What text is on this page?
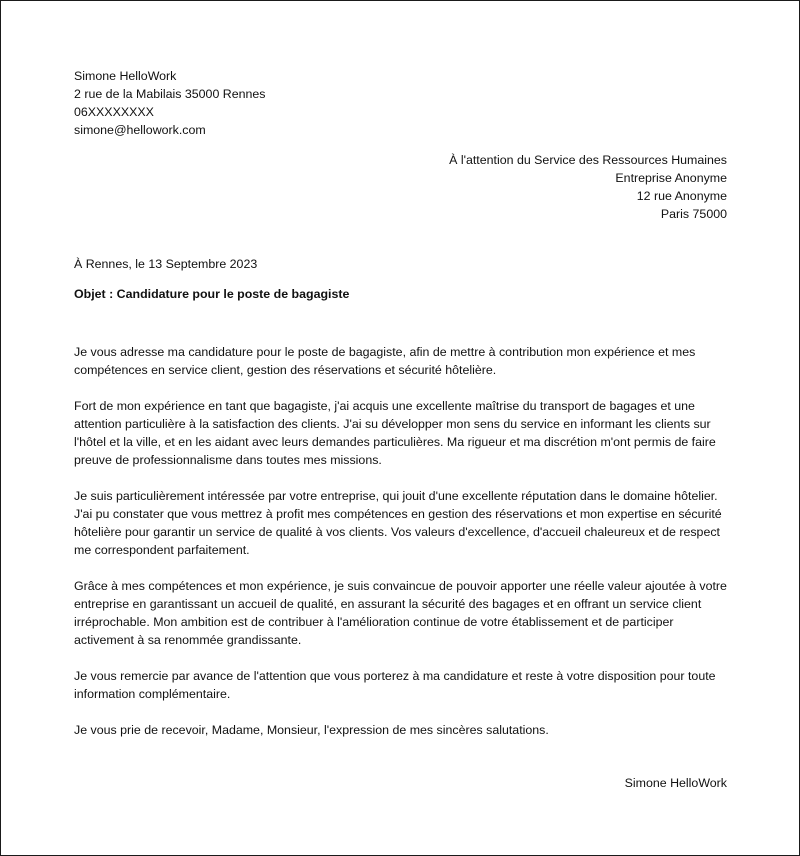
Simone HelloWork
2 rue de la Mabilais 35000 Rennes
06XXXXXXXX
simone@hellowork.com
À l'attention du Service des Ressources Humaines
Entreprise Anonyme
12 rue Anonyme
Paris 75000
À Rennes, le 13 Septembre 2023
Objet : Candidature pour le poste de bagagiste

Je vous adresse ma candidature pour le poste de bagagiste, afin de mettre à contribution mon expérience et mes compétences en service client, gestion des réservations et sécurité hôtelière.

Fort de mon expérience en tant que bagagiste, j'ai acquis une excellente maîtrise du transport de bagages et une attention particulière à la satisfaction des clients. J'ai su développer mon sens du service en informant les clients sur l'hôtel et la ville, et en les aidant avec leurs demandes particulières. Ma rigueur et ma discrétion m'ont permis de faire preuve de professionnalisme dans toutes mes missions.

Je suis particulièrement intéressée par votre entreprise, qui jouit d'une excellente réputation dans le domaine hôtelier. J'ai pu constater que vous mettrez à profit mes compétences en gestion des réservations et mon expertise en sécurité hôtelière pour garantir un service de qualité à vos clients. Vos valeurs d'excellence, d'accueil chaleureux et de respect me correspondent parfaitement.

Grâce à mes compétences et mon expérience, je suis convaincue de pouvoir apporter une réelle valeur ajoutée à votre entreprise en garantissant un accueil de qualité, en assurant la sécurité des bagages et en offrant un service client irréprochable. Mon ambition est de contribuer à l'amélioration continue de votre établissement et de participer activement à sa renommée grandissante.

Je vous remercie par avance de l'attention que vous porterez à ma candidature et reste à votre disposition pour toute information complémentaire.

Je vous prie de recevoir, Madame, Monsieur, l'expression de mes sincères salutations.

Simone HelloWork
